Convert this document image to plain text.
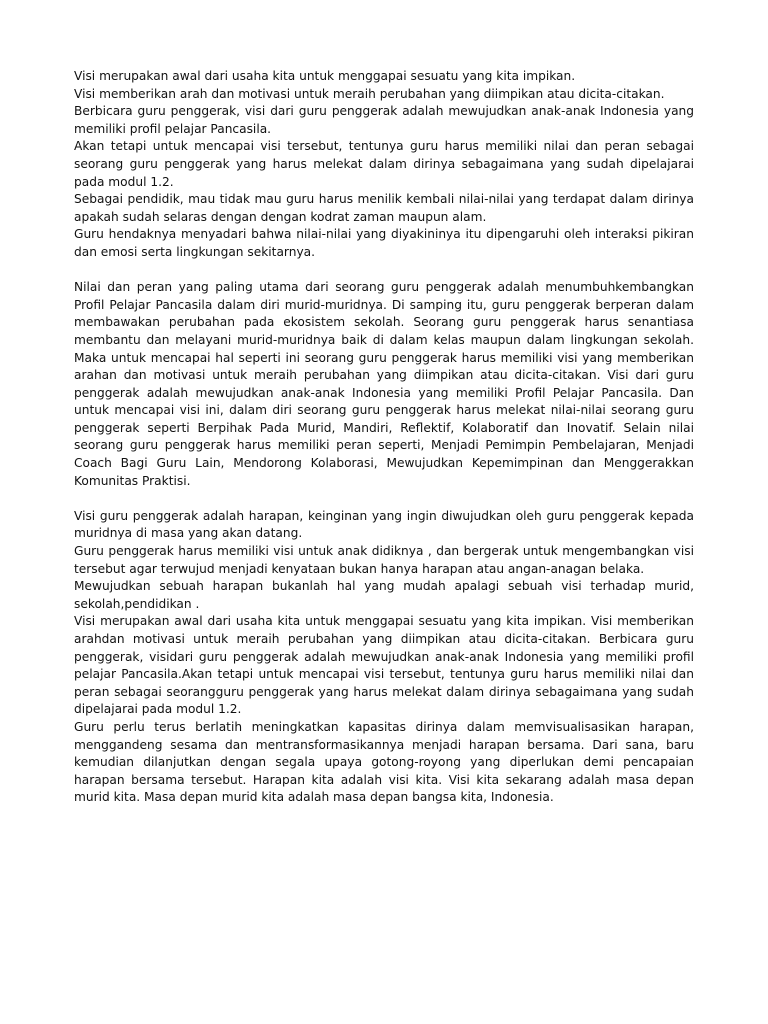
Visi merupakan awal dari usaha kita untuk menggapai sesuatu yang kita impikan.

Visi memberikan arah dan motivasi untuk meraih perubahan yang diimpikan atau dicita-citakan.

Berbicara guru penggerak, visi dari guru penggerak adalah mewujudkan anak-anak Indonesia yang memiliki profil pelajar Pancasila.

Akan tetapi untuk mencapai visi tersebut, tentunya guru harus memiliki nilai dan peran sebagai seorang guru penggerak yang harus melekat dalam dirinya sebagaimana yang sudah dipelajarai pada modul 1.2.

Sebagai pendidik, mau tidak mau guru harus menilik kembali nilai-nilai yang terdapat dalam dirinya apakah sudah selaras dengan dengan kodrat zaman maupun alam.

Guru hendaknya menyadari bahwa nilai-nilai yang diyakininya itu dipengaruhi oleh interaksi pikiran dan emosi serta lingkungan sekitarnya.

Nilai dan peran yang paling utama dari seorang guru penggerak adalah menumbuhkembangkan Profil Pelajar Pancasila dalam diri murid-muridnya. Di samping itu, guru penggerak berperan dalam membawakan perubahan pada ekosistem sekolah. Seorang guru penggerak harus senantiasa membantu dan melayani murid-muridnya baik di dalam kelas maupun dalam lingkungan sekolah. Maka untuk mencapai hal seperti ini seorang guru penggerak harus memiliki visi yang memberikan arahan dan motivasi untuk meraih perubahan yang diimpikan atau dicita-citakan. Visi dari guru penggerak adalah mewujudkan anak-anak Indonesia yang memiliki Profil Pelajar Pancasila. Dan untuk mencapai visi ini, dalam diri seorang guru penggerak harus melekat nilai-nilai seorang guru penggerak seperti Berpihak Pada Murid, Mandiri, Reflektif, Kolaboratif dan Inovatif. Selain nilai seorang guru penggerak harus memiliki peran seperti, Menjadi Pemimpin Pembelajaran, Menjadi Coach Bagi Guru Lain, Mendorong Kolaborasi, Mewujudkan Kepemimpinan dan Menggerakkan Komunitas Praktisi.

Visi guru penggerak adalah harapan, keinginan yang ingin diwujudkan oleh guru penggerak kepada muridnya di masa yang akan datang.

Guru penggerak harus memiliki visi untuk anak didiknya , dan bergerak untuk mengembangkan visi tersebut agar terwujud menjadi kenyataan bukan hanya harapan atau angan-anagan belaka.

Mewujudkan sebuah harapan bukanlah hal yang mudah apalagi sebuah visi terhadap murid, sekolah,pendidikan .

Visi merupakan awal dari usaha kita untuk menggapai sesuatu yang kita impikan. Visi memberikan arahdan motivasi untuk meraih perubahan yang diimpikan atau dicita-citakan. Berbicara guru penggerak, visidari guru penggerak adalah mewujudkan anak-anak Indonesia yang memiliki profil pelajar Pancasila.Akan tetapi untuk mencapai visi tersebut, tentunya guru harus memiliki nilai dan peran sebagai seorangguru penggerak yang harus melekat dalam dirinya sebagaimana yang sudah dipelajarai pada modul 1.2.

Guru perlu terus berlatih meningkatkan kapasitas dirinya dalam memvisualisasikan harapan, menggandeng sesama dan mentransformasikannya menjadi harapan bersama. Dari sana, baru kemudian dilanjutkan dengan segala upaya gotong-royong yang diperlukan demi pencapaian harapan bersama tersebut. Harapan kita adalah visi kita. Visi kita sekarang adalah masa depan murid kita. Masa depan murid kita adalah masa depan bangsa kita, Indonesia.
